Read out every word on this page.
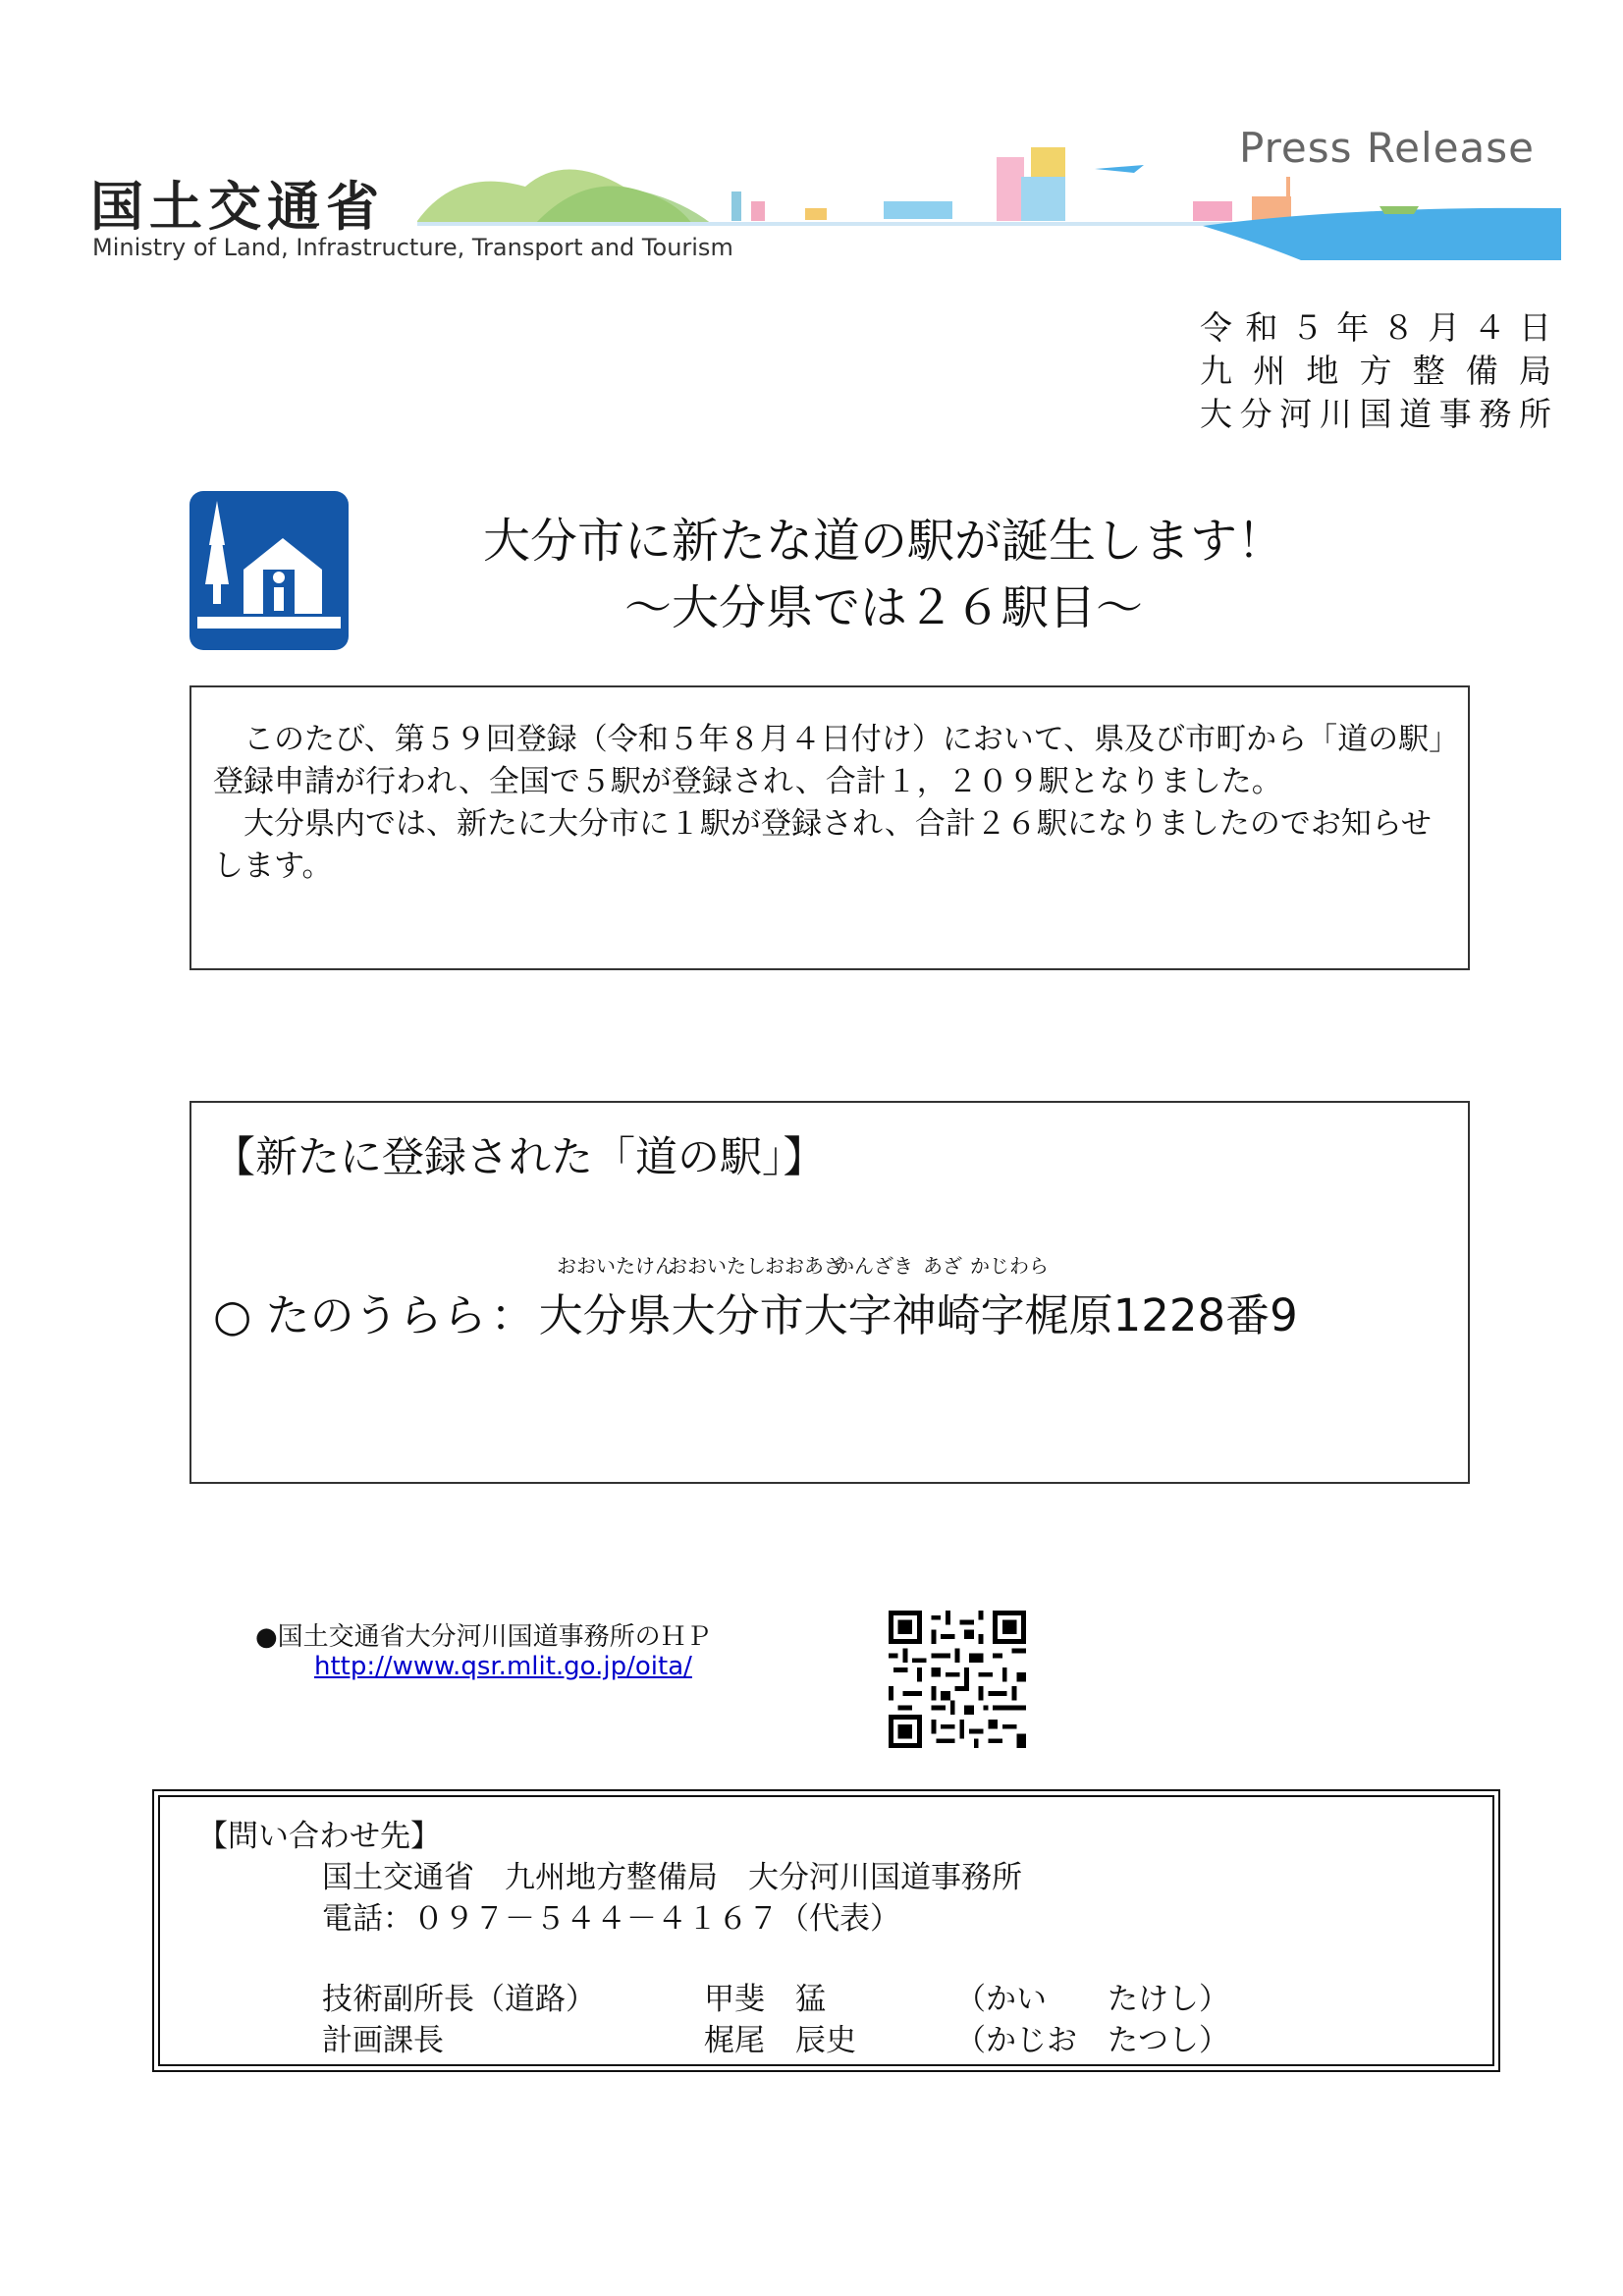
国土交通省
Ministry of Land, Infrastructure, Transport and Tourism
Press Release
令 和 ５ 年 ８ 月 ４ 日
九 州 地 方 整 備 局
大 分 河 川 国 道 事 務 所
大分市に新たな道の駅が誕生します！
～大分県では２６駅目～

このたび、第５９回登録（令和５年８月４日付け）において、県及び市町から「道の駅」登録申請が行われ、全国で５駅が登録され、合計１，２０９駅となりました。

大分県内では、新たに大分市に１駅が登録され、合計２６駅になりましたのでお知らせします。

【新たに登録された「道の駅」】
おおいたけん
おおいたし おおあざ
かんざき あざ かじわら
○ たのうらら：大分県大分市大字神崎字梶原1228番9
●国土交通省大分河川国道事務所のＨＰ
http://www.qsr.mlit.go.jp/oita/
【問い合わせ先】
国土交通省　九州地方整備局　大分河川国道事務所
電話：０９７－５４４－４１６７（代表）
技術副所長（道路）	甲斐　猛	（かい　　たけし）
計画課長	梶尾　辰史	（かじお　たつし）
